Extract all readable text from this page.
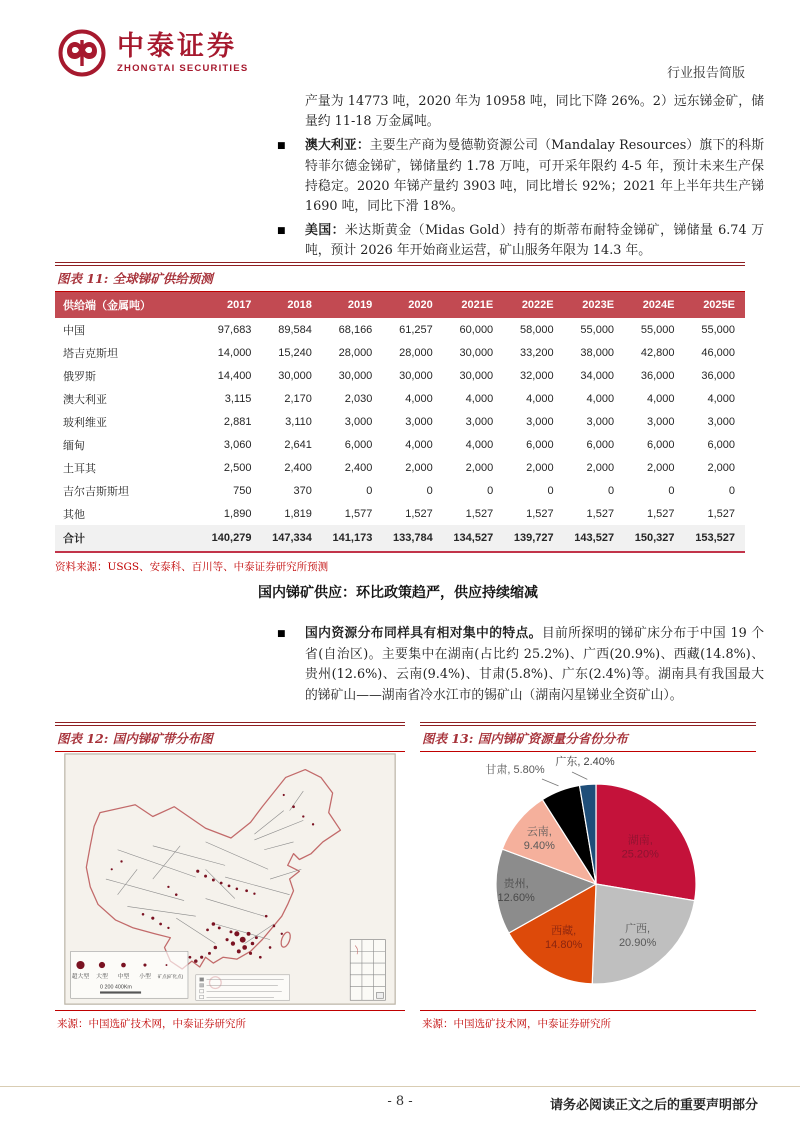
中泰证券
ZHONGTAI SECURITIES	行业报告简版

产量为 14773 吨，2020 年为 10958 吨，同比下降 26%。2）远东锑金矿，储量约 11-18 万金属吨。

■	澳大利亚：主要生产商为曼德勒资源公司（Mandalay Resources）旗下的科斯特菲尔德金锑矿，锑储量约 1.78 万吨，可开采年限约 4-5 年，预计未来生产保持稳定。2020 年锑产量约 3903 吨，同比增长 92%；2021 年上半年共生产锑 1690 吨，同比下滑 18%。

■	美国：米达斯黄金（Midas Gold）持有的斯蒂布耐特金锑矿，锑储量 6.74 万吨，预计 2026 年开始商业运营，矿山服务年限为 14.3 年。

图表 11: 全球锑矿供给预测
供给端（金属吨）	2017	2018	2019	2020	2021E	2022E	2023E	2024E	2025E
中国	97,683	89,584	68,166	61,257	60,000	58,000	55,000	55,000	55,000
塔吉克斯坦	14,000	15,240	28,000	28,000	30,000	33,200	38,000	42,800	46,000
俄罗斯	14,400	30,000	30,000	30,000	30,000	32,000	34,000	36,000	36,000
澳大利亚	3,115	2,170	2,030	4,000	4,000	4,000	4,000	4,000	4,000
玻利维亚	2,881	3,110	3,000	3,000	3,000	3,000	3,000	3,000	3,000
缅甸	3,060	2,641	6,000	4,000	4,000	6,000	6,000	6,000	6,000
土耳其	2,500	2,400	2,400	2,000	2,000	2,000	2,000	2,000	2,000
吉尔吉斯斯坦	750	370	0	0	0	0	0	0	0
其他	1,890	1,819	1,577	1,527	1,527	1,527	1,527	1,527	1,527
合计	140,279	147,334	141,173	133,784	134,527	139,727	143,527	150,327	153,527
资料来源：USGS、安泰科、百川等、中泰证券研究所预测
国内锑矿供应：环比政策趋严，供应持续缩减
■	国内资源分布同样具有相对集中的特点。目前所探明的锑矿床分布于中国 19 个省(自治区)。主要集中在湖南(占比约 25.2%)、广西(20.9%)、西藏(14.8%)、贵州(12.6%)、云南(9.4%)、甘肃(5.8%)、广东(2.4%)等。湖南具有我国最大的锑矿山——湖南省冷水江市的锡矿山（湖南闪星锑业全资矿山）。

图表 12: 国内锑矿带分布图
超大型 大型 中型 小型 矿点(矿化点)
0 200 400Km
来源：中国选矿技术网，中泰证券研究所
图表 13: 国内锑矿资源量分省份分布
湖南, 25.20%
广西, 20.90%
西藏, 14.80%
贵州, 12.60%
云南, 9.40%
甘肃, 5.80%
广东, 2.40%
来源：中国选矿技术网，中泰证券研究所
- 8 -	请务必阅读正文之后的重要声明部分
